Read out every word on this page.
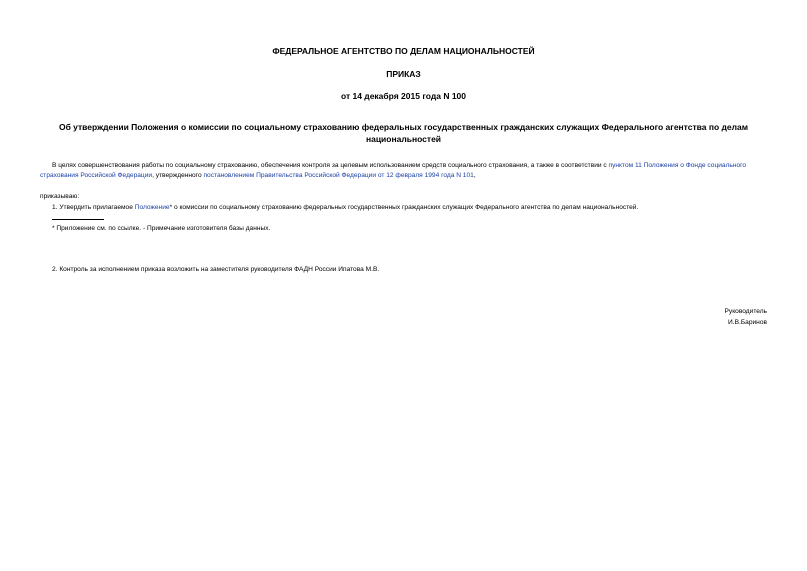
ФЕДЕРАЛЬНОЕ АГЕНТСТВО ПО ДЕЛАМ НАЦИОНАЛЬНОСТЕЙ
ПРИКАЗ
от 14 декабря 2015 года N 100
Об утверждении Положения о комиссии по социальному страхованию федеральных государственных гражданских служащих Федерального агентства по делам национальностей
В целях совершенствования работы по социальному страхованию, обеспечения контроля за целевым использованием средств социального страхования, а также в соответствии с пунктом 11 Положения о Фонде социального страхования Российской Федерации, утвержденного постановлением Правительства Российской Федерации от 12 февраля 1994 года N 101,
приказываю:
1. Утвердить прилагаемое Положение* о комиссии по социальному страхованию федеральных государственных гражданских служащих Федерального агентства по делам национальностей.
* Приложение см. по ссылке. - Примечание изготовителя базы данных.
2. Контроль за исполнением приказа возложить на заместителя руководителя ФАДН России Ипатова М.В.
Руководитель
И.В.Баринов
